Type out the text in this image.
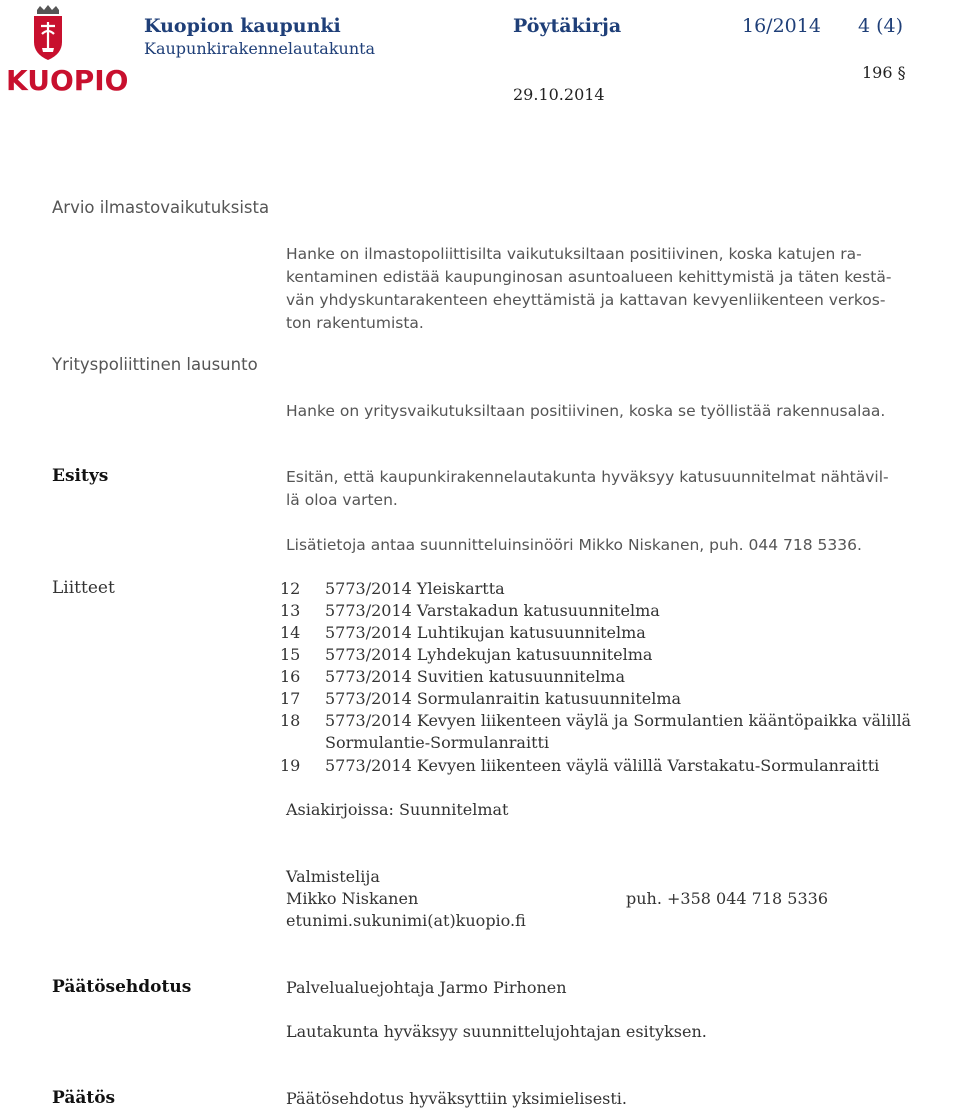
KUOPIO
Kuopion kaupunki
Kaupunkirakennelautakunta
Pöytäkirja	16/2014 4 (4)
196 §
29.10.2014
Arvio ilmastovaikutuksista
Hanke on ilmastopoliittisilta vaikutuksiltaan positiivinen, koska katujen ra-
kentaminen edistää kaupunginosan asuntoalueen kehittymistä ja täten kestä-
vän yhdyskuntarakenteen eheyttämistä ja kattavan kevyenliikenteen verkos-
ton rakentumista.
Yrityspoliittinen lausunto
Hanke on yritysvaikutuksiltaan positiivinen, koska se työllistää rakennusalaa.
Esitys	Esitän, että kaupunkirakennelautakunta hyväksyy katusuunnitelmat nähtävil-
lä oloa varten.
Lisätietoja antaa suunnitteluinsinööri Mikko Niskanen, puh. 044 718 5336.
Liitteet	12 5773/2014 Yleiskartta
13 5773/2014 Varstakadun katusuunnitelma
14 5773/2014 Luhtikujan katusuunnitelma
15 5773/2014 Lyhdekujan katusuunnitelma
16 5773/2014 Suvitien katusuunnitelma
17 5773/2014 Sormulanraitin katusuunnitelma
18 5773/2014 Kevyen liikenteen väylä ja Sormulantien kääntöpaikka välillä
Sormulantie-Sormulanraitti
19 5773/2014 Kevyen liikenteen väylä välillä Varstakatu-Sormulanraitti
Asiakirjoissa: Suunnitelmat
Valmistelija
Mikko Niskanen	puh. +358 044 718 5336
etunimi.sukunimi(at)kuopio.fi
Päätösehdotus	Palvelualuejohtaja Jarmo Pirhonen
Lautakunta hyväksyy suunnittelujohtajan esityksen.
Päätös	Päätösehdotus hyväksyttiin yksimielisesti.
